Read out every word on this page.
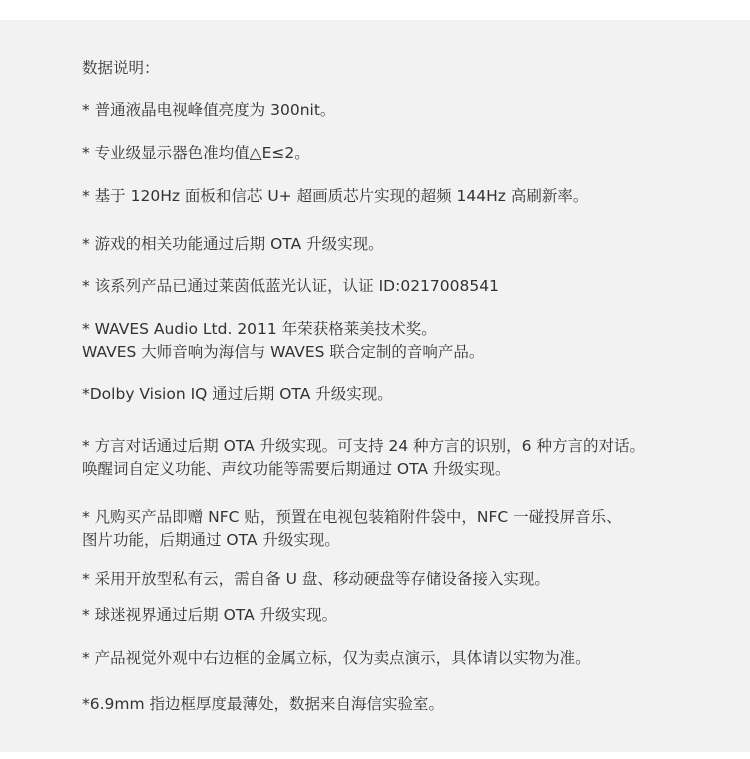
数据说明：

* 普通液晶电视峰值亮度为 300nit。

* 专业级显示器色准均值△E≤2。

* 基于 120Hz 面板和信芯 U+ 超画质芯片实现的超频 144Hz 高刷新率。

* 游戏的相关功能通过后期 OTA 升级实现。

* 该系列产品已通过莱茵低蓝光认证，认证 ID:0217008541

* WAVES Audio Ltd. 2011 年荣获格莱美技术奖。

WAVES 大师音响为海信与 WAVES 联合定制的音响产品。

*Dolby Vision IQ 通过后期 OTA 升级实现。

* 方言对话通过后期 OTA 升级实现。可支持 24 种方言的识别，6 种方言的对话。

唤醒词自定义功能、声纹功能等需要后期通过 OTA 升级实现。

* 凡购买产品即赠 NFC 贴，预置在电视包装箱附件袋中，NFC 一碰投屏音乐、

图片功能，后期通过 OTA 升级实现。

* 采用开放型私有云，需自备 U 盘、移动硬盘等存储设备接入实现。

* 球迷视界通过后期 OTA 升级实现。

* 产品视觉外观中右边框的金属立标，仅为卖点演示，具体请以实物为准。

*6.9mm 指边框厚度最薄处，数据来自海信实验室。
